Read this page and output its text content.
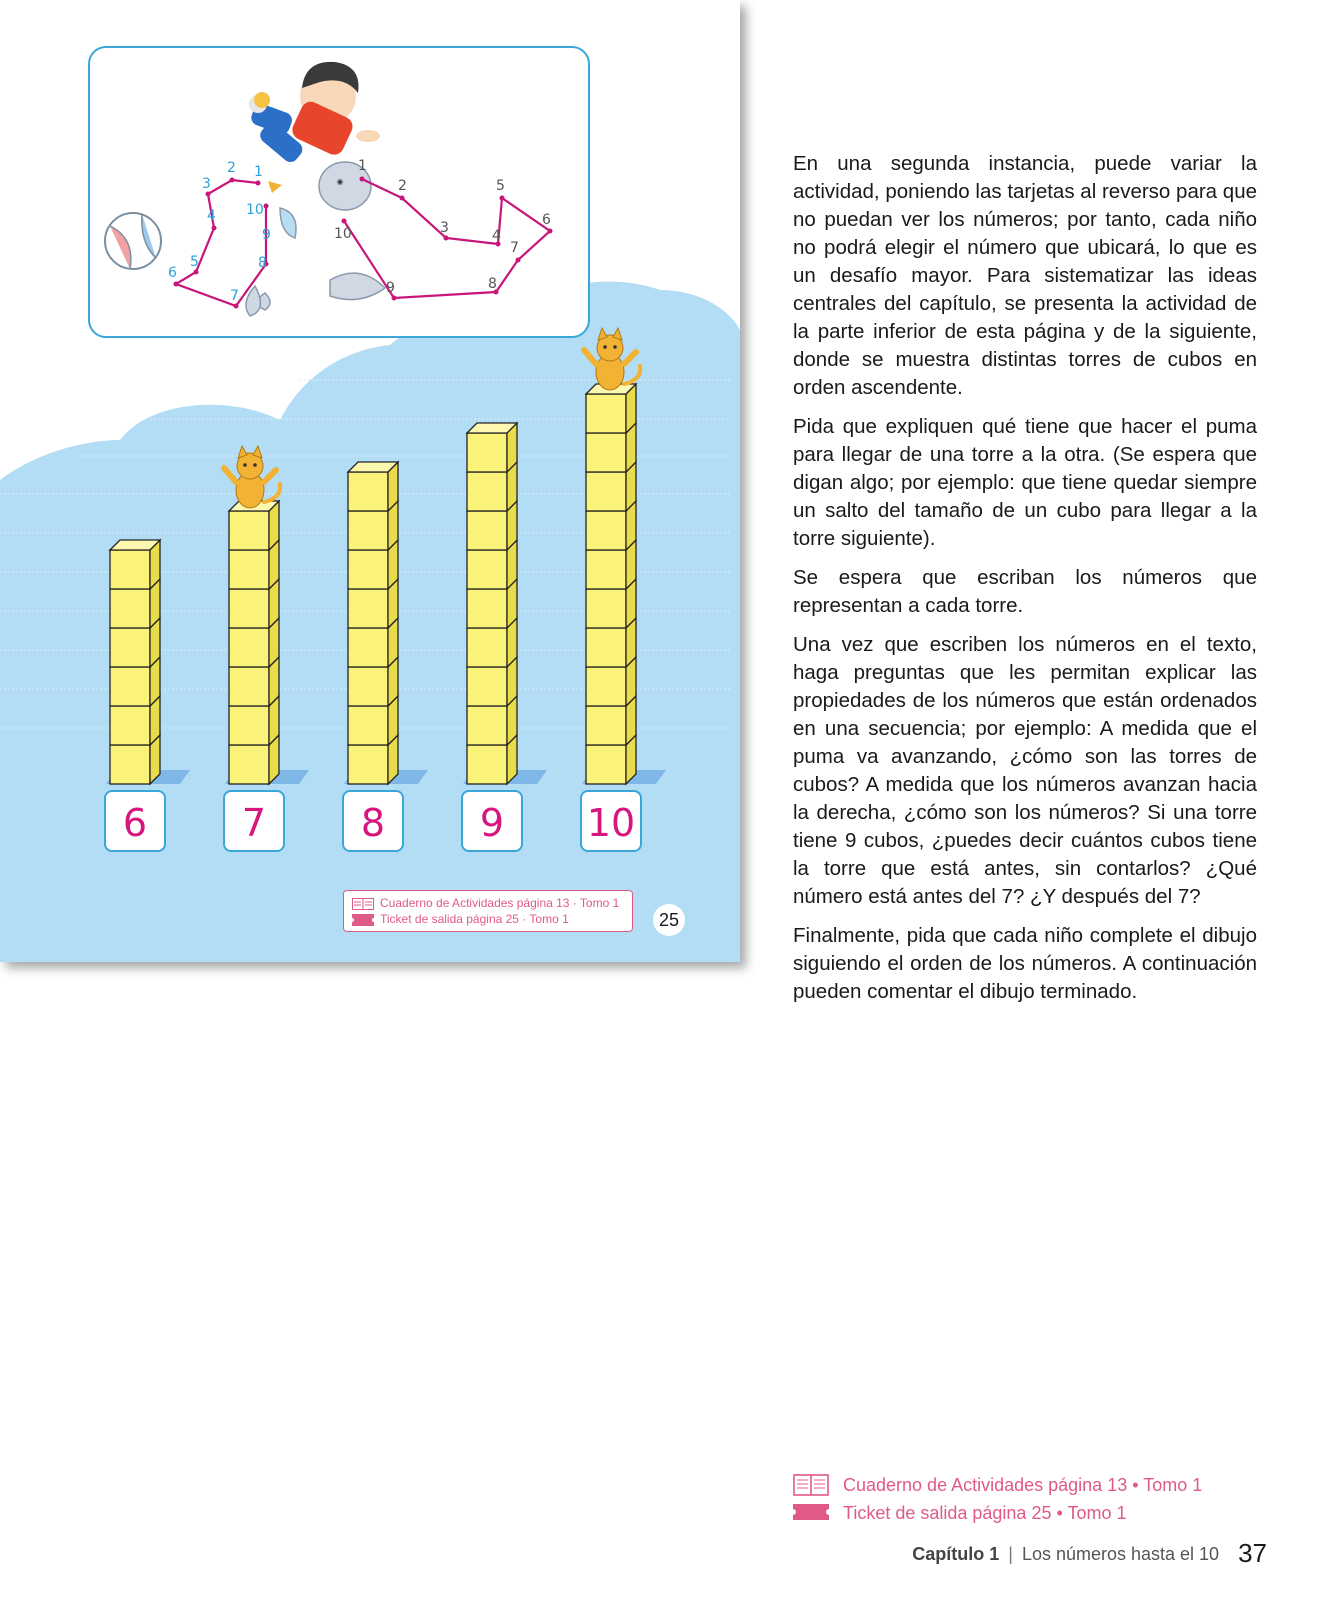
1
2
3
9
4
5
6
7
8
10
1
2
3	4
5
6
7
8
9
10
6	7	8	9	10
Cuaderno de Actividades página 13 · Tomo 1
Ticket de salida página 25 · Tomo 1	25

En una segunda instancia, puede variar la actividad, poniendo las tarjetas al reverso para que no puedan ver los números; por tanto, cada niño no podrá elegir el número que ubicará, lo que es un desafío mayor. Para sistematizar las ideas centrales del capítulo, se presenta la actividad de la parte inferior de esta página y de la siguiente, donde se muestra distintas torres de cubos en orden ascendente.

Pida que expliquen qué tiene que hacer el puma para llegar de una torre a la otra. (Se espera que digan algo; por ejemplo: que tiene quedar siempre un salto del tamaño de un cubo para llegar a la torre siguiente).

Se espera que escriban los números que representan a cada torre.

Una vez que escriben los números en el texto, haga preguntas que les permitan explicar las propiedades de los números que están ordenados en una secuencia; por ejemplo: A medida que el puma va avanzando, ¿cómo son las torres de cubos? A medida que los números avanzan hacia la derecha, ¿cómo son los números? Si una torre tiene 9 cubos, ¿puedes decir cuántos cubos tiene la torre que está antes, sin contarlos? ¿Qué número está antes del 7? ¿Y después del 7?

Finalmente, pida que cada niño complete el dibujo siguiendo el orden de los números. A continuación pueden comentar el dibujo terminado.

Cuaderno de Actividades página 13 • Tomo 1
Ticket de salida página 25 • Tomo 1
Capítulo 1 | Los números hasta el 10 37
